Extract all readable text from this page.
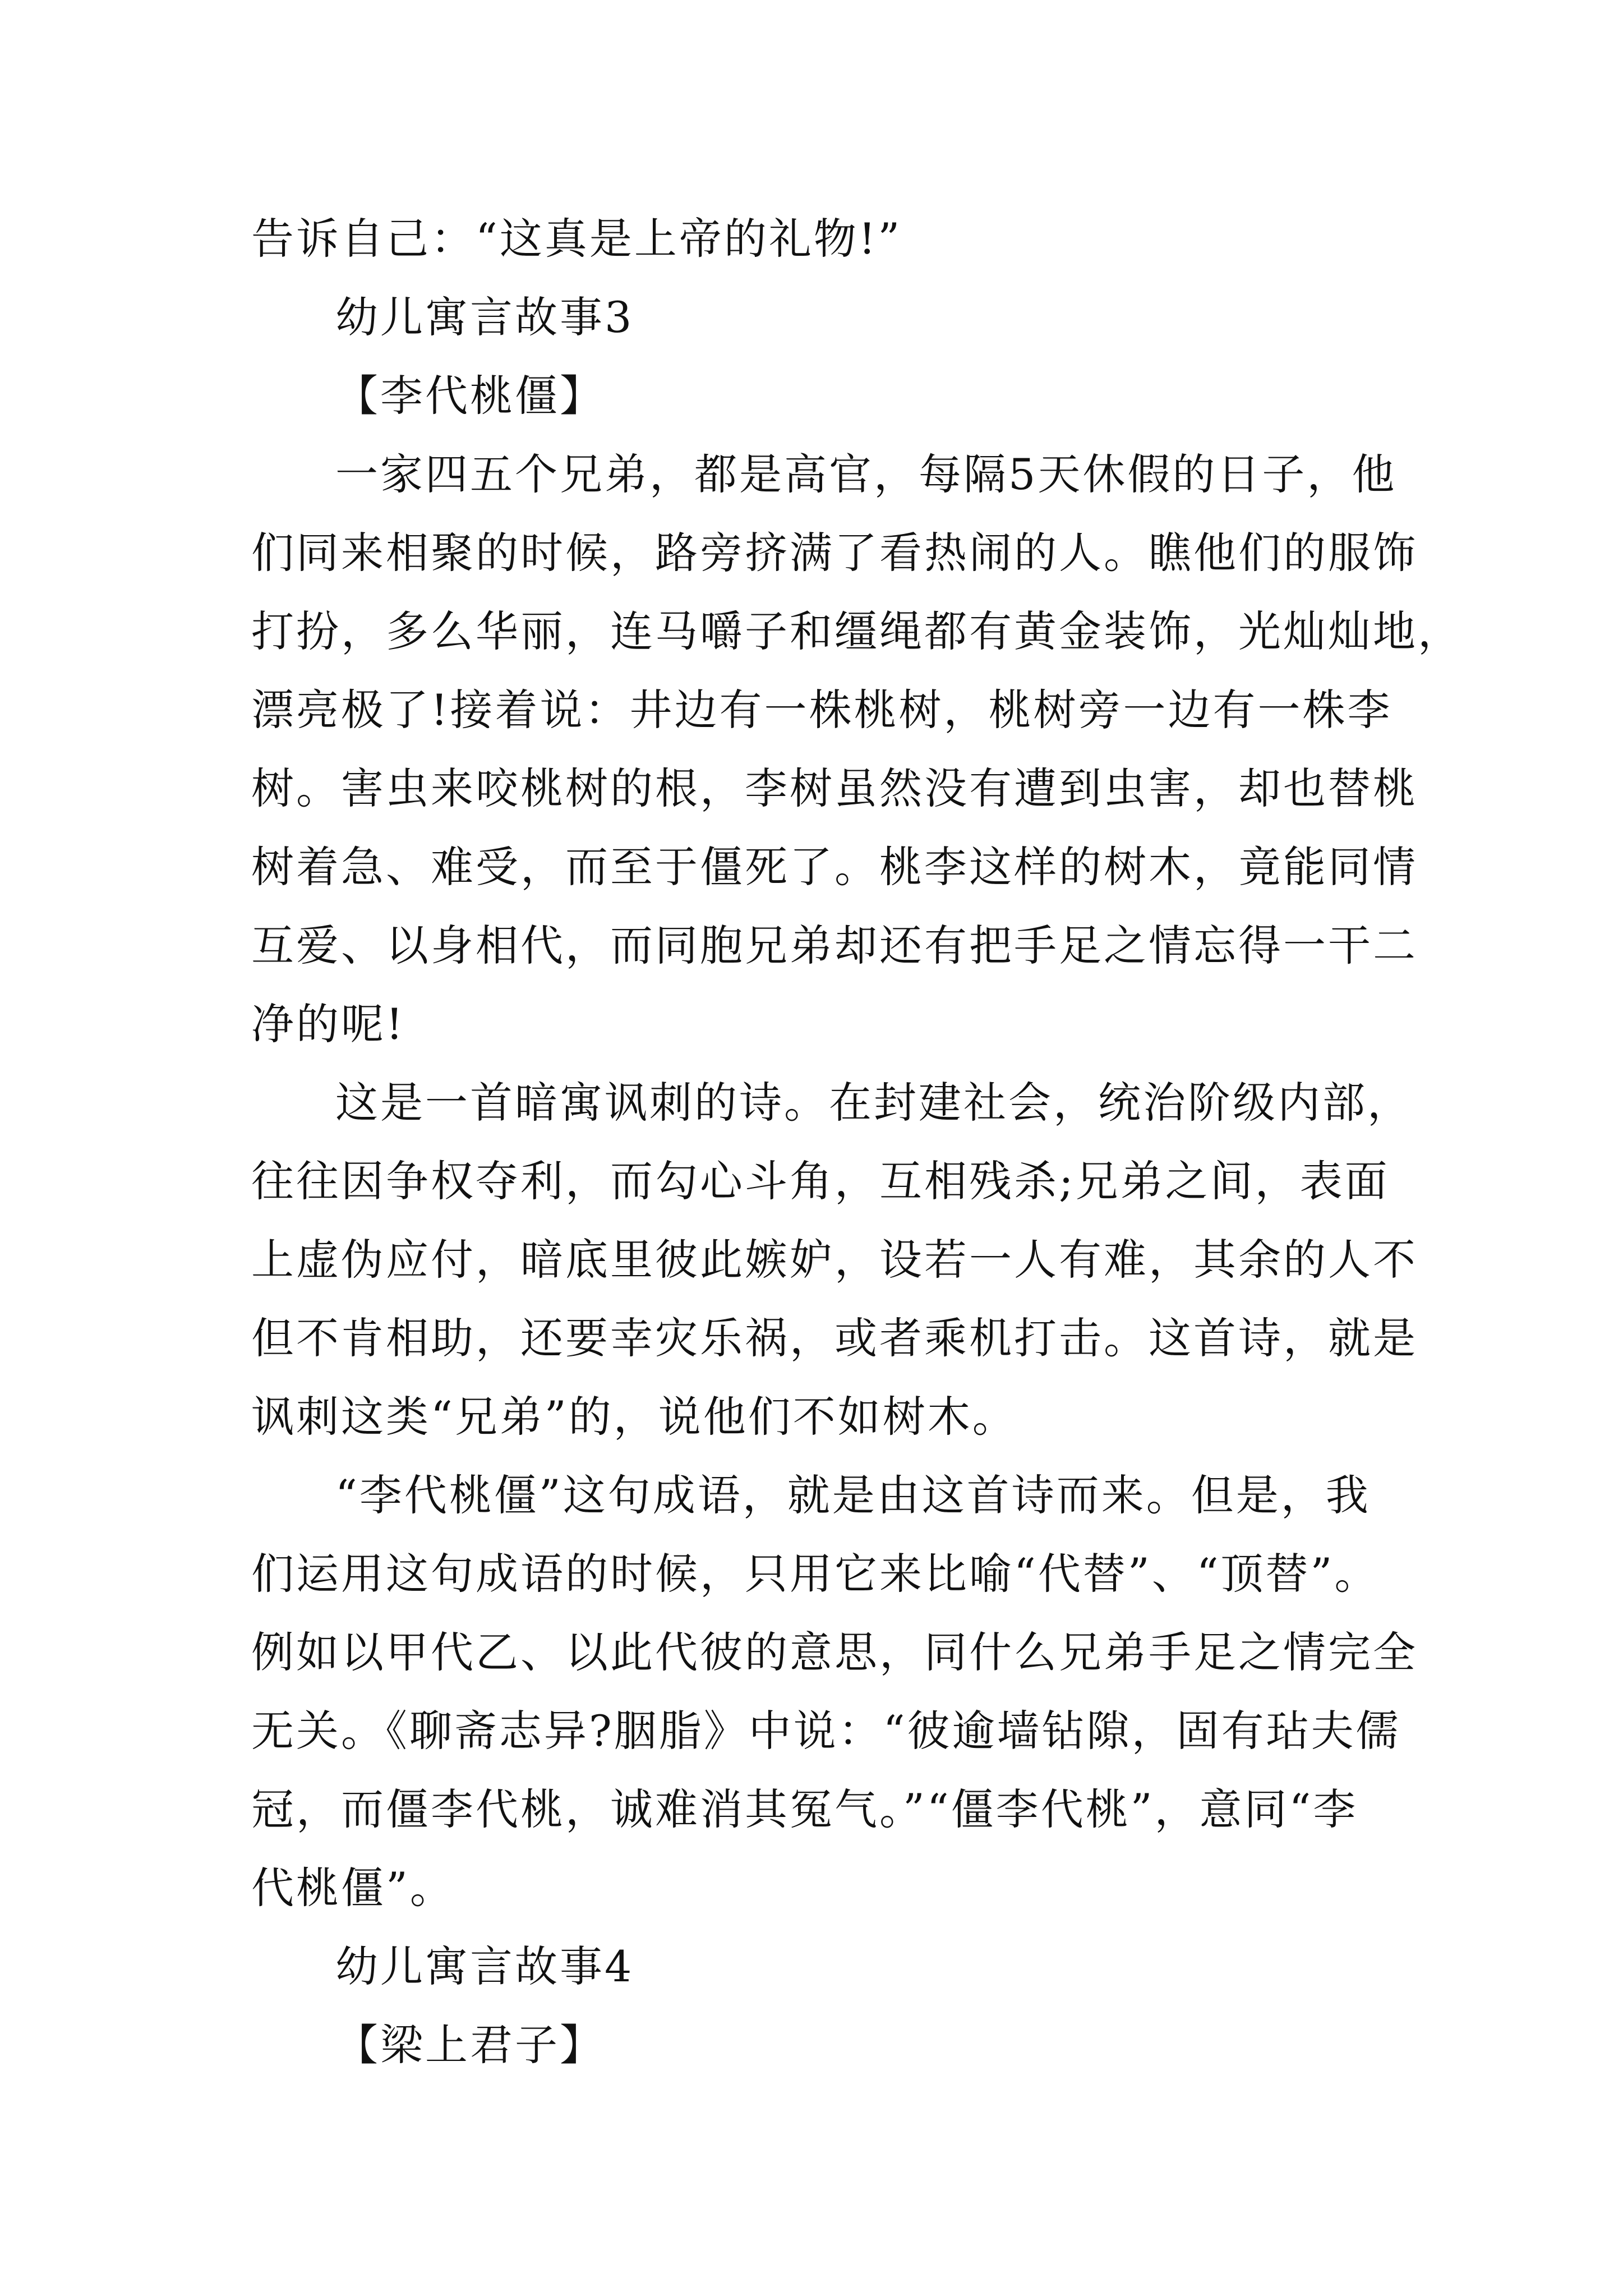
告诉自己：“这真是上帝的礼物!”
幼儿寓言故事3
【李代桃僵】
一家四五个兄弟，都是高官，每隔5天休假的日子，他
们同来相聚的时候，路旁挤满了看热闹的人。瞧他们的服饰
打扮，多么华丽，连马嚼子和缰绳都有黄金装饰，光灿灿地，
漂亮极了!接着说：井边有一株桃树，桃树旁一边有一株李
树。害虫来咬桃树的根，李树虽然没有遭到虫害，却也替桃
树着急、难受，而至于僵死了。桃李这样的树木，竟能同情
互爱、以身相代，而同胞兄弟却还有把手足之情忘得一干二
净的呢!
这是一首暗寓讽刺的诗。在封建社会，统治阶级内部，
往往因争权夺利，而勾心斗角，互相残杀;兄弟之间，表面
上虚伪应付，暗底里彼此嫉妒，设若一人有难，其余的人不
但不肯相助，还要幸灾乐祸，或者乘机打击。这首诗，就是
讽刺这类“兄弟”的，说他们不如树木。
“李代桃僵”这句成语，就是由这首诗而来。但是，我
们运用这句成语的时候，只用它来比喻“代替”、“顶替”。
例如以甲代乙、以此代彼的意思，同什么兄弟手足之情完全
无关。《聊斋志异?胭脂》中说：“彼逾墙钻隙，固有玷夫儒
冠，而僵李代桃，诚难消其冤气。”“僵李代桃”，意同“李
代桃僵”。
幼儿寓言故事4
【梁上君子】
